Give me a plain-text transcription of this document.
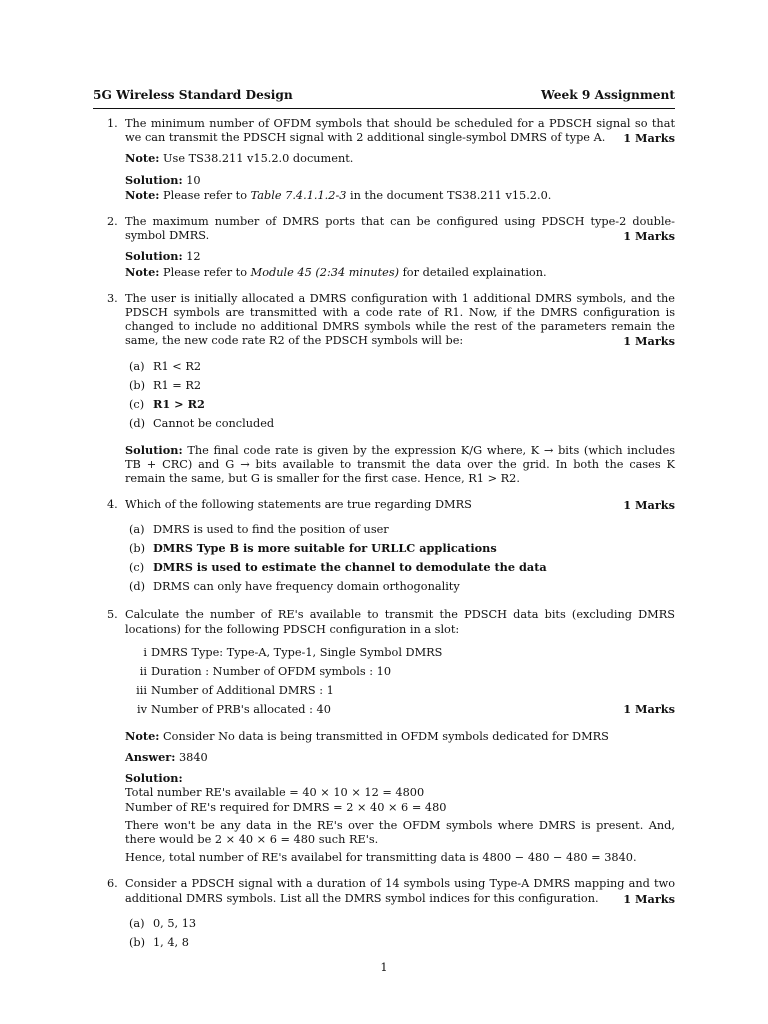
5G Wireless Standard Design	Week 9 Assignment
1. The minimum number of OFDM symbols that should be scheduled for a PDSCH signal so that we can transmit the PDSCH signal with 2 additional single-symbol DMRS of type A. 1 Marks
Note: Use TS38.211 v15.2.0 document.
Solution: 10
Note: Please refer to Table 7.4.1.1.2-3 in the document TS38.211 v15.2.0.
2. The maximum number of DMRS ports that can be configured using PDSCH type-2 double-symbol DMRS.	1 Marks
Solution: 12
Note: Please refer to Module 45 (2:34 minutes) for detailed explaination.
3. The user is initially allocated a DMRS configuration with 1 additional DMRS symbols, and the PDSCH symbols are transmitted with a code rate of R1. Now, if the DMRS configuration is changed to include no additional DMRS symbols while the rest of the parameters remain the same, the new code rate R2 of the PDSCH symbols will be:	1 Marks
(a) R1 < R2
(b) R1 = R2
(c) R1 > R2
(d) Cannot be concluded
Solution: The final code rate is given by the expression K/G where, K → bits (which includes TB + CRC) and G → bits available to transmit the data over the grid. In both the cases K remain the same, but G is smaller for the first case. Hence, R1 > R2.
4. Which of the following statements are true regarding DMRS	1 Marks
(a) DMRS is used to find the position of user
(b) DMRS Type B is more suitable for URLLC applications
(c) DMRS is used to estimate the channel to demodulate the data
(d) DRMS can only have frequency domain orthogonality
5. Calculate the number of RE's available to transmit the PDSCH data bits (excluding DMRS locations) for the following PDSCH configuration in a slot:
i DMRS Type: Type-A, Type-1, Single Symbol DMRS
ii Duration : Number of OFDM symbols : 10
iii Number of Additional DMRS : 1
iv Number of PRB's allocated : 40	1 Marks
Note: Consider No data is being transmitted in OFDM symbols dedicated for DMRS
Answer: 3840
Solution:
Total number RE's available = 40 × 10 × 12 = 4800
Number of RE's required for DMRS = 2 × 40 × 6 = 480
There won't be any data in the RE's over the OFDM symbols where DMRS is present. And, there would be 2 × 40 × 6 = 480 such RE's.
Hence, total number of RE's availabel for transmitting data is 4800 − 480 − 480 = 3840.
6. Consider a PDSCH signal with a duration of 14 symbols using Type-A DMRS mapping and two additional DMRS symbols. List all the DMRS symbol indices for this configuration. 1 Marks
(a) 0, 5, 13
(b) 1, 4, 8
1
